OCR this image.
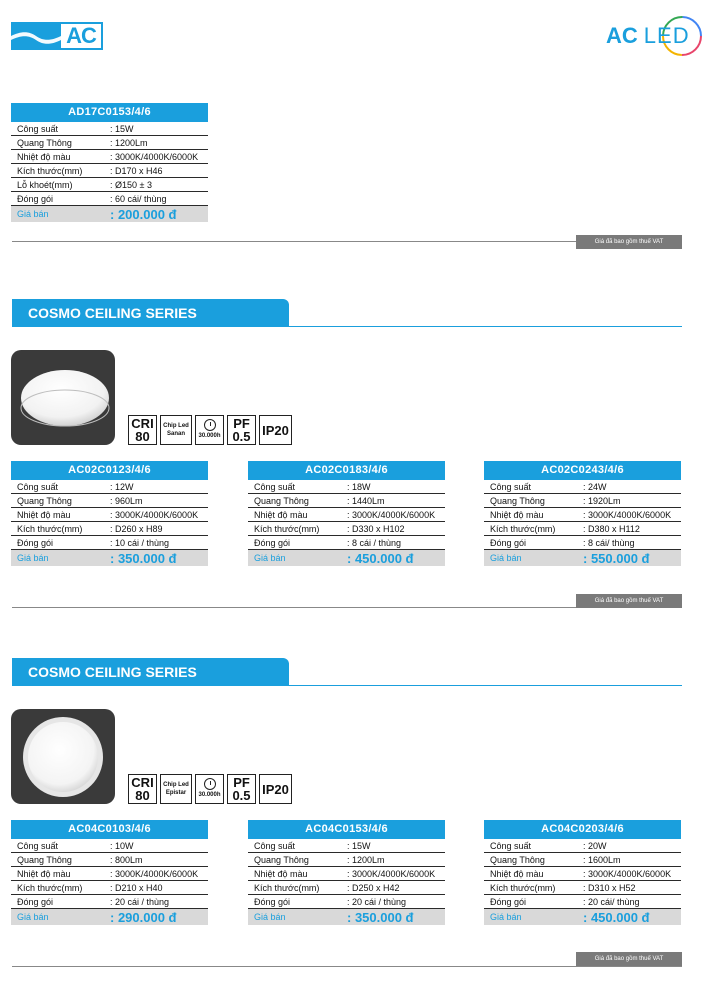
AC	AC LED
AD17C0153/4/6
Công suất	: 15W
Quang Thông	: 1200Lm
Nhiệt độ màu	: 3000K/4000K/6000K
Kích thước(mm)	: D170 x H46
Lỗ khoét(mm)	: Ø150 ± 3
Đóng gói	: 60 cái/ thùng
Giá bán	: 200.000 đ
Giá đã bao gồm thuế VAT
COSMO CEILING SERIES
CRI
80
Chip Led
Sanan 30.000h
PF
0.5 IP20
AC02C0123/4/6
Công suất	: 12W
Quang Thông	: 960Lm
Nhiệt độ màu	: 3000K/4000K/6000K
Kích thước(mm)	: D260 x H89
Đóng gói	: 10 cái / thùng
Giá bán	: 350.000 đ
AC02C0183/4/6
Công suất	: 18W
Quang Thông	: 1440Lm
Nhiệt độ màu	: 3000K/4000K/6000K
Kích thước(mm)	: D330 x H102
Đóng gói	: 8 cái / thùng
Giá bán	: 450.000 đ
AC02C0243/4/6
Công suất	: 24W
Quang Thông	: 1920Lm
Nhiệt độ màu	: 3000K/4000K/6000K
Kích thước(mm)	: D380 x H112
Đóng gói	: 8 cái/ thùng
Giá bán	: 550.000 đ
Giá đã bao gồm thuế VAT
COSMO CEILING SERIES
CRI
80
Chip Led
Epistar 30.000h
PF
0.5 IP20
AC04C0103/4/6
Công suất	: 10W
Quang Thông	: 800Lm
Nhiệt độ màu	: 3000K/4000K/6000K
Kích thước(mm)	: D210 x H40
Đóng gói	: 20 cái / thùng
Giá bán	: 290.000 đ
AC04C0153/4/6
Công suất	: 15W
Quang Thông	: 1200Lm
Nhiệt độ màu	: 3000K/4000K/6000K
Kích thước(mm)	: D250 x H42
Đóng gói	: 20 cái / thùng
Giá bán	: 350.000 đ
AC04C0203/4/6
Công suất	: 20W
Quang Thông	: 1600Lm
Nhiệt độ màu	: 3000K/4000K/6000K
Kích thước(mm)	: D310 x H52
Đóng gói	: 20 cái/ thùng
Giá bán	: 450.000 đ
Giá đã bao gồm thuế VAT
